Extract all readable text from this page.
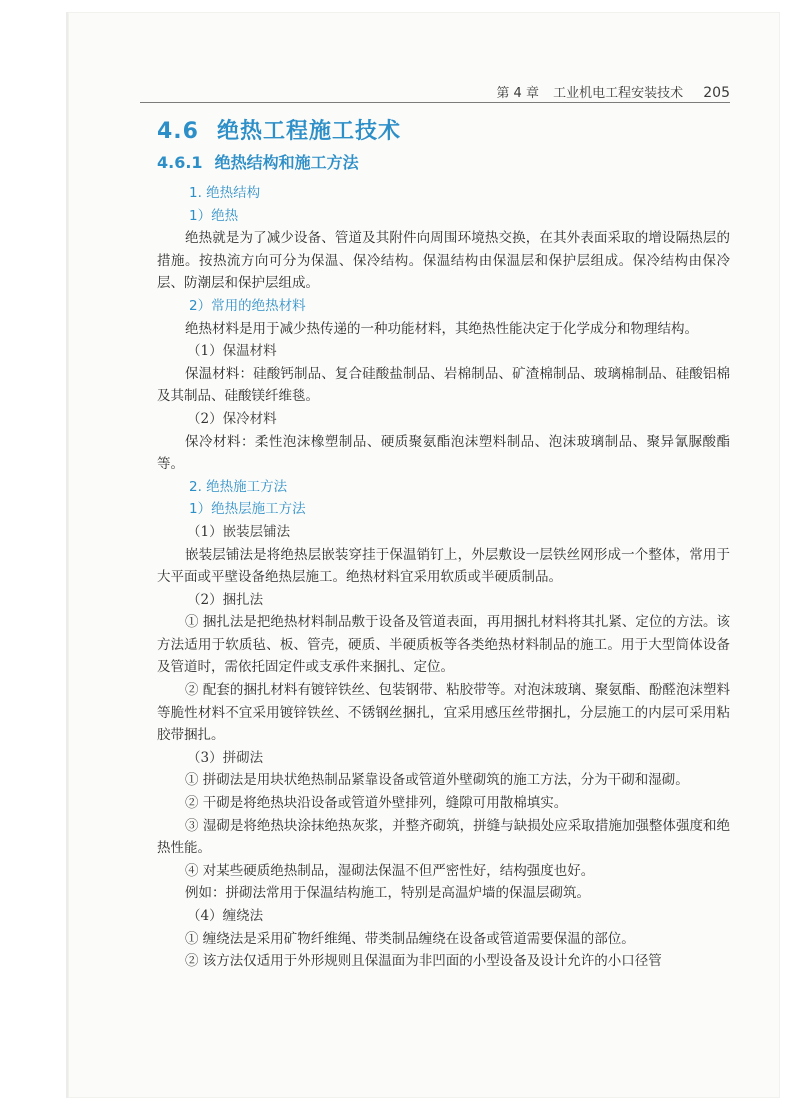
第 4 章 工业机电工程安装技术 205
4.6 绝热工程施工技术
4.6.1 绝热结构和施工方法
1. 绝热结构
1）绝热

绝热就是为了减少设备、管道及其附件向周围环境热交换，在其外表面采取的增设隔热层的措施。按热流方向可分为保温、保冷结构。保温结构由保温层和保护层组成。保冷结构由保冷层、防潮层和保护层组成。

2）常用的绝热材料

绝热材料是用于减少热传递的一种功能材料，其绝热性能决定于化学成分和物理结构。

（1）保温材料

保温材料：硅酸钙制品、复合硅酸盐制品、岩棉制品、矿渣棉制品、玻璃棉制品、硅酸铝棉及其制品、硅酸镁纤维毯。

（2）保冷材料

保冷材料：柔性泡沫橡塑制品、硬质聚氨酯泡沫塑料制品、泡沫玻璃制品、聚异氰脲酸酯等。

2. 绝热施工方法
1）绝热层施工方法
（1）嵌装层铺法

嵌装层铺法是将绝热层嵌装穿挂于保温销钉上，外层敷设一层铁丝网形成一个整体，常用于大平面或平壁设备绝热层施工。绝热材料宜采用软质或半硬质制品。

（2）捆扎法

① 捆扎法是把绝热材料制品敷于设备及管道表面，再用捆扎材料将其扎紧、定位的方法。该方法适用于软质毡、板、管壳，硬质、半硬质板等各类绝热材料制品的施工。用于大型筒体设备及管道时，需依托固定件或支承件来捆扎、定位。

② 配套的捆扎材料有镀锌铁丝、包装钢带、粘胶带等。对泡沫玻璃、聚氨酯、酚醛泡沫塑料等脆性材料不宜采用镀锌铁丝、不锈钢丝捆扎，宜采用感压丝带捆扎，分层施工的内层可采用粘胶带捆扎。

（3）拼砌法

① 拼砌法是用块状绝热制品紧靠设备或管道外壁砌筑的施工方法，分为干砌和湿砌。

② 干砌是将绝热块沿设备或管道外壁排列，缝隙可用散棉填实。

③ 湿砌是将绝热块涂抹绝热灰浆，并整齐砌筑，拼缝与缺损处应采取措施加强整体强度和绝热性能。

④ 对某些硬质绝热制品，湿砌法保温不但严密性好，结构强度也好。

例如：拼砌法常用于保温结构施工，特别是高温炉墙的保温层砌筑。

（4）缠绕法

① 缠绕法是采用矿物纤维绳、带类制品缠绕在设备或管道需要保温的部位。

② 该方法仅适用于外形规则且保温面为非凹面的小型设备及设计允许的小口径管
